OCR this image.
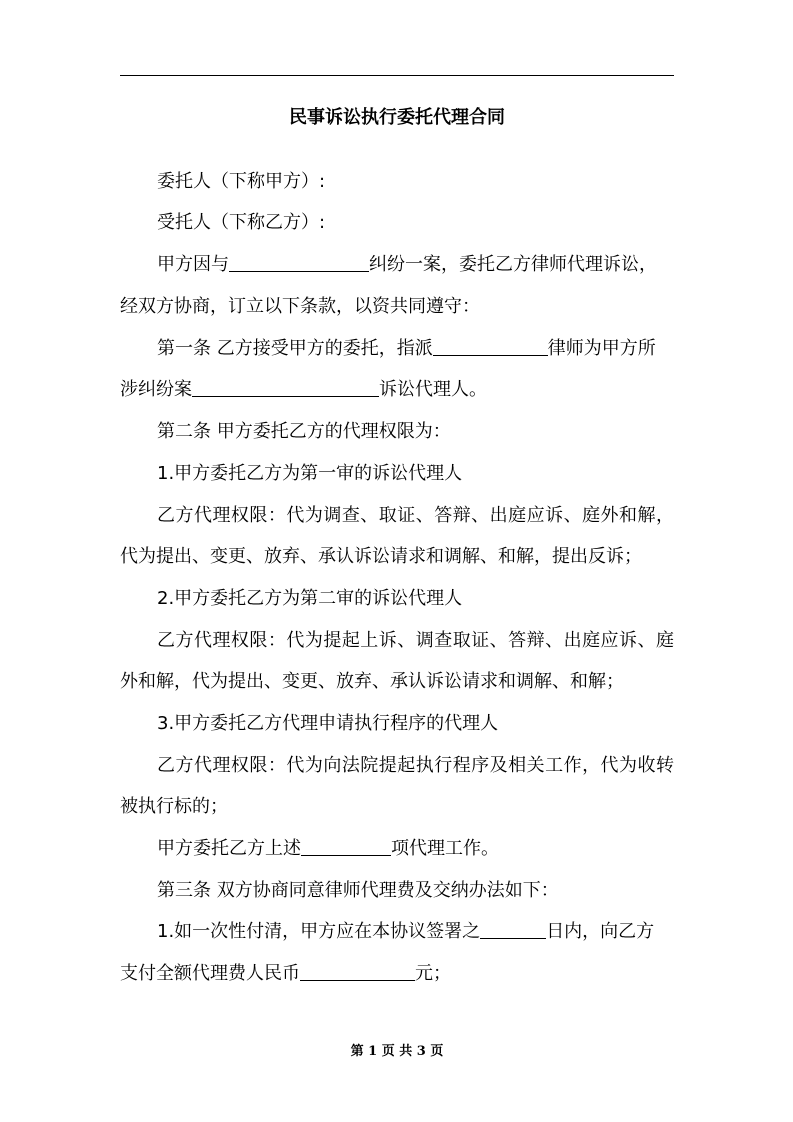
民事诉讼执行委托代理合同

委托人（下称甲方）:

受托人（下称乙方）:

甲方因与	纠纷一案，委托乙方律师代理诉讼，

经双方协商，订立以下条款，以资共同遵守：

第一条 乙方接受甲方的委托，指派	律师为甲方所

涉纠纷案	诉讼代理人。

第二条 甲方委托乙方的代理权限为：

1.甲方委托乙方为第一审的诉讼代理人

乙方代理权限：代为调查、取证、答辩、出庭应诉、庭外和解，

代为提出、变更、放弃、承认诉讼请求和调解、和解，提出反诉；

2.甲方委托乙方为第二审的诉讼代理人

乙方代理权限：代为提起上诉、调查取证、答辩、出庭应诉、庭

外和解，代为提出、变更、放弃、承认诉讼请求和调解、和解；

3.甲方委托乙方代理申请执行程序的代理人

乙方代理权限：代为向法院提起执行程序及相关工作，代为收转

被执行标的；

甲方委托乙方上述	项代理工作。

第三条 双方协商同意律师代理费及交纳办法如下：

1.如一次性付清，甲方应在本协议签署之	日内，向乙方

支付全额代理费人民币	元；

第 1 页 共 3 页
